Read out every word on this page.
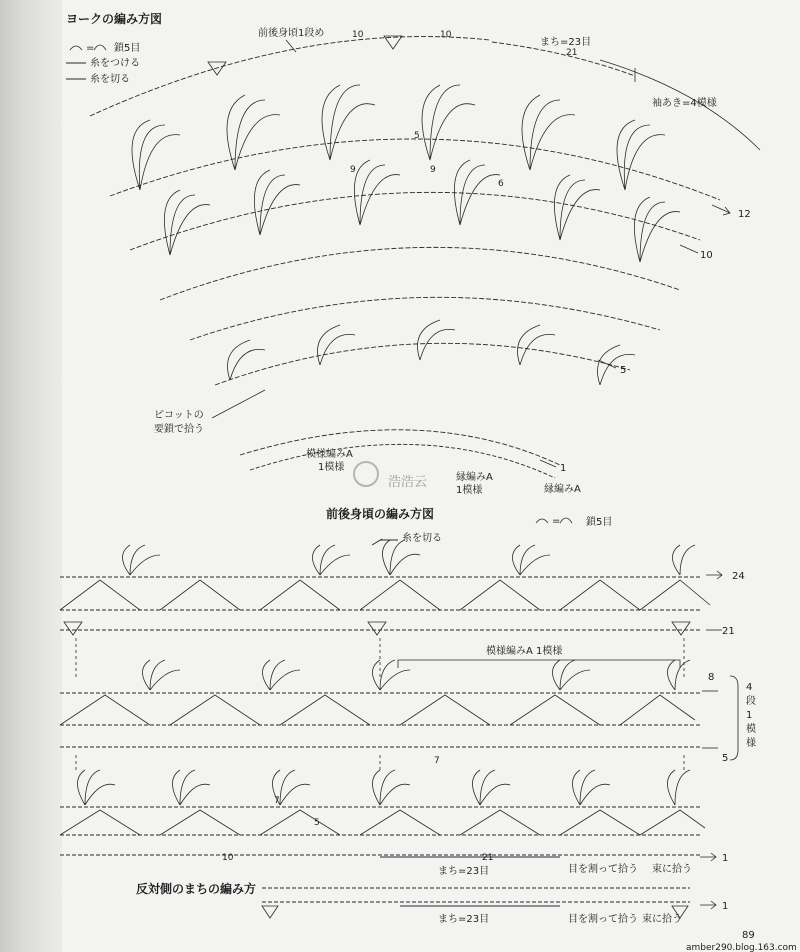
ヨークの編み方図
= 鎖5目
糸をつける
糸を切る
前後身頃1段め	10	10
まち=23目
21
袖あき=4模様
5
9	9
6
12
10
5
1
ピコットの
要鎖で拾う
模様編みA
1模様
縁編みA
1模様	縁編みA
浩浩云
前後身頃の編み方図
=	鎖5目
糸を切る
24
21
模様編みA 1模様
7
8
5
4
段
1
模
様
7
5
10	21
まち=23目	目を割って拾う 束に拾う
1
反対側のまちの編み方
まち=23目	目を割って拾う 束に拾う
1
89
amber290.blog.163.com
